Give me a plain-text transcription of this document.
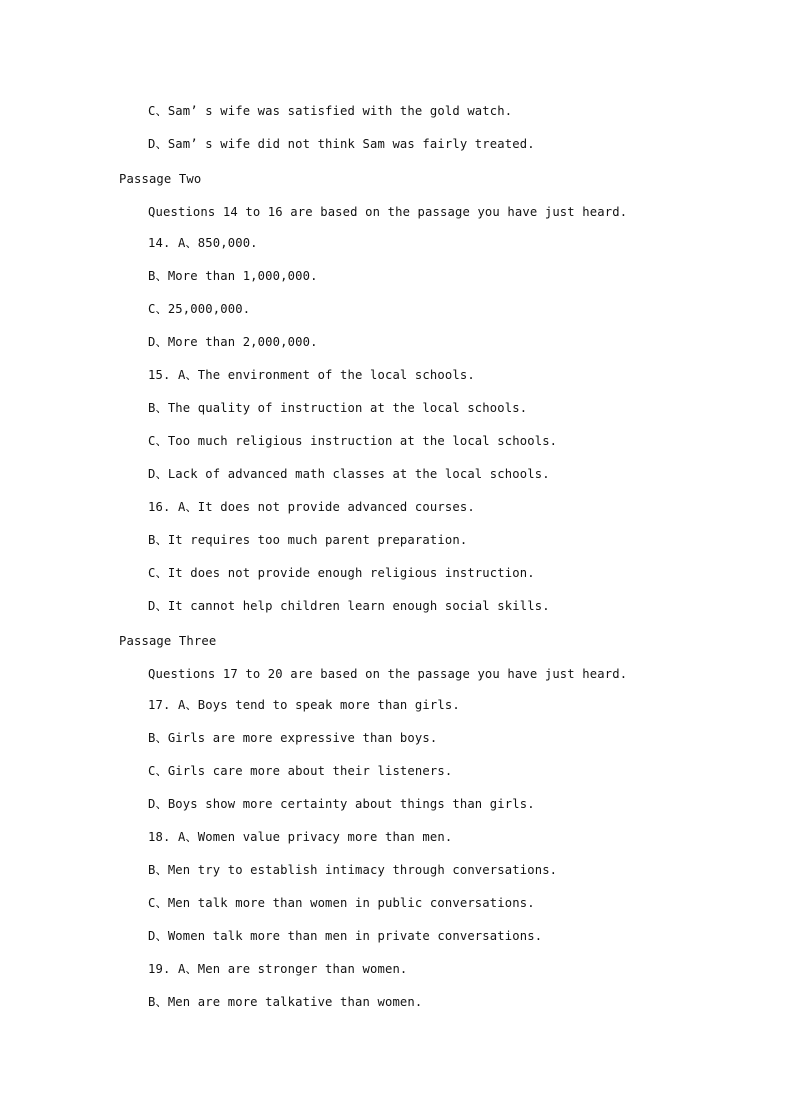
C、Sam’ s wife was satisfied with the gold watch.
D、Sam’ s wife did not think Sam was fairly treated.
Passage Two
Questions 14 to 16 are based on the passage you have just heard.
14. A、850,000.
B、More than 1,000,000.
C、25,000,000.
D、More than 2,000,000.
15. A、The environment of the local schools.
B、The quality of instruction at the local schools.
C、Too much religious instruction at the local schools.
D、Lack of advanced math classes at the local schools.
16. A、It does not provide advanced courses.
B、It requires too much parent preparation.
C、It does not provide enough religious instruction.
D、It cannot help children learn enough social skills.
Passage Three
Questions 17 to 20 are based on the passage you have just heard.
17. A、Boys tend to speak more than girls.
B、Girls are more expressive than boys.
C、Girls care more about their listeners.
D、Boys show more certainty about things than girls.
18. A、Women value privacy more than men.
B、Men try to establish intimacy through conversations.
C、Men talk more than women in public conversations.
D、Women talk more than men in private conversations.
19. A、Men are stronger than women.
B、Men are more talkative than women.
